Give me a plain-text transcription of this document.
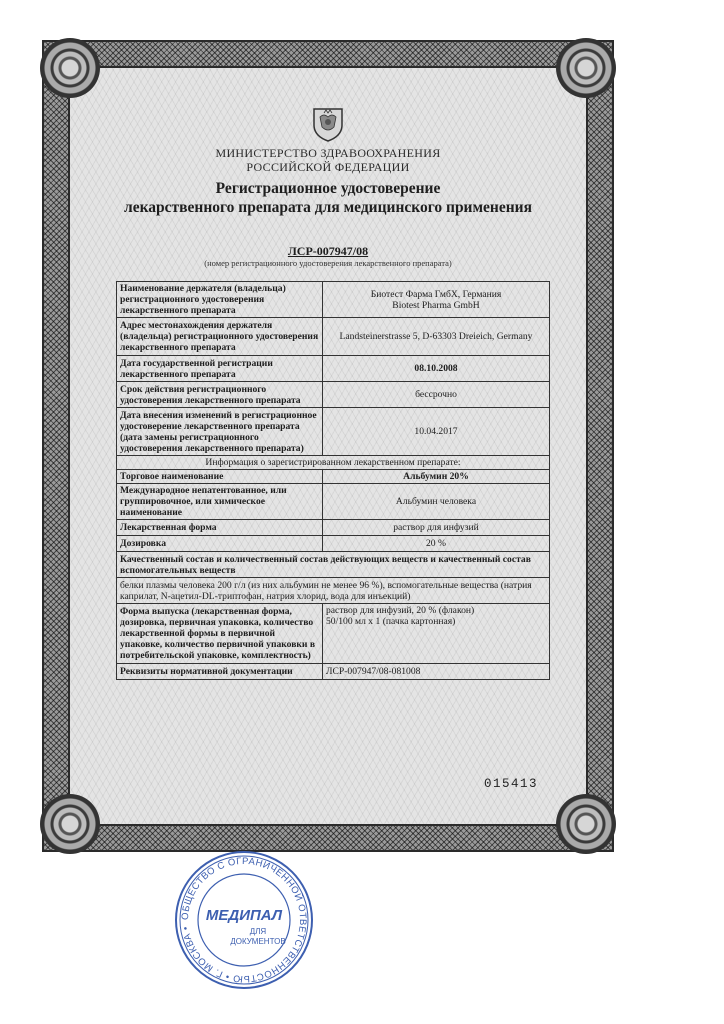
МИНИСТЕРСТВО ЗДРАВООХРАНЕНИЯ
РОССИЙСКОЙ ФЕДЕРАЦИИ
Регистрационное удостоверение
лекарственного препарата для медицинского применения
ЛСР-007947/08
(номер регистрационного удостоверения лекарственного препарата)
Наименование держателя (владельца) регистрационного удостоверения лекарственного препарата	Биотест Фарма ГмбХ, Германия
Biotest Pharma GmbH

Адрес местонахождения держателя (владельца) регистрационного удостоверения лекарственного препарата	Landsteinerstrasse 5, D-63303 Dreieich, Germany
Дата государственной регистрации лекарственного препарата	08.10.2008
Срок действия регистрационного удостоверения лекарственного препарата	бессрочно
Дата внесения изменений в регистрационное удостоверение лекарственного препарата (дата замены регистрационного удостоверения лекарственного препарата)	10.04.2017
Информация о зарегистрированном лекарственном препарате:	
Торговое наименование	Альбумин 20%
Международное непатентованное, или группировочное, или химическое наименование	Альбумин человека
Лекарственная форма	раствор для инфузий
Дозировка	20 %
Качественный состав и количественный состав действующих веществ и качественный состав вспомогательных веществ	
белки плазмы человека 200 г/л (из них альбумин не менее 96 %), вспомогательные вещества (натрия каприлат, N-ацетил-DL-триптофан, натрия хлорид, вода для инъекций)	
Форма выпуска (лекарственная форма, дозировка, первичная упаковка, количество лекарственной формы в первичной упаковке, количество первичной упаковки в потребительской упаковке, комплектность)	раствор для инфузий, 20 % (флакон)
50/100 мл х 1 (пачка картонная)

Реквизиты нормативной документации	ЛСР-007947/08-081008
015413
ОБЩЕСТВО С ОГРАНИЧЕННОЙ ОТВЕТСТВЕННОСТЬЮ • Г. МОСКВА •
МЕДИПАЛ
ДЛЯ
ДОКУМЕНТОВ
